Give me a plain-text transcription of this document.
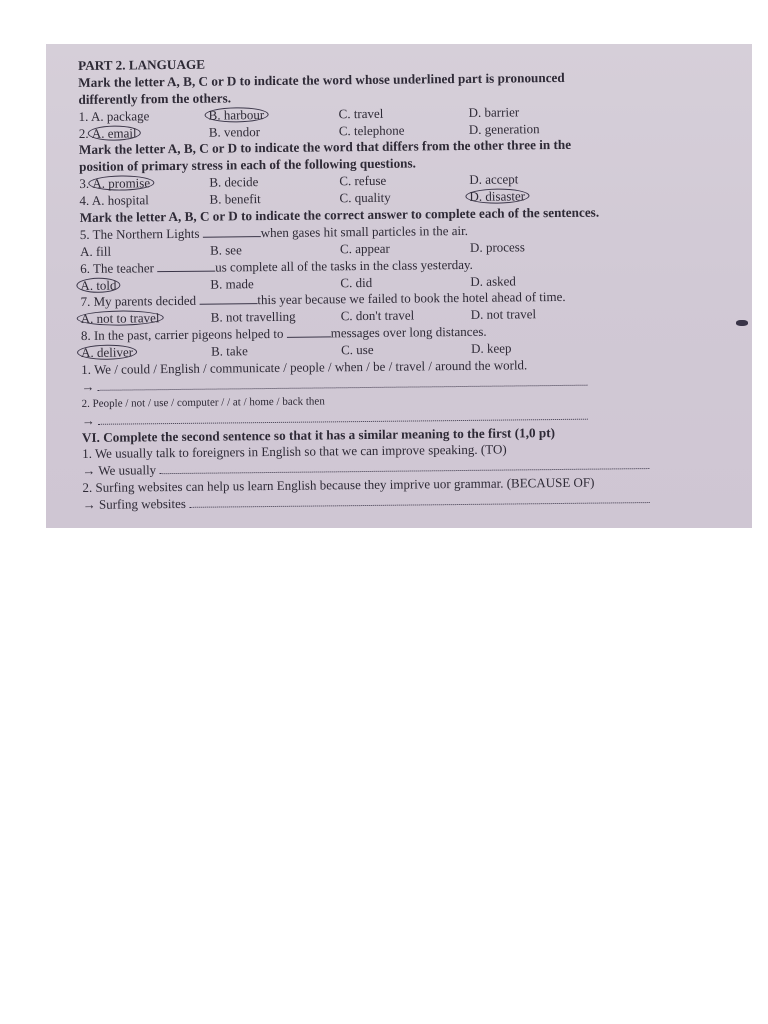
PART 2. LANGUAGE
Mark the letter A, B, C or D to indicate the word whose underlined part is pronounced
differently from the others.
1. A. package	B. harbour	C. travel	D. barrier
2. A. email	B. vendor	C. telephone	D. generation
Mark the letter A, B, C or D to indicate the word that differs from the other three in the
position of primary stress in each of the following questions.
3. A. promise	B. decide	C. refuse	D. accept
4. A. hospital	B. benefit	C. quality	D. disaster
Mark the letter A, B, C or D to indicate the correct answer to complete each of the sentences.
5. The Northern Lights	when gases hit small particles in the air.
A. fill	B. see	C. appear	D. process
6. The teacher	us complete all of the tasks in the class yesterday.
A. told	B. made	C. did	D. asked
7. My parents decided	this year because we failed to book the hotel ahead of time.
A. not to travel	B. not travelling	C. don't travel	D. not travel
8. In the past, carrier pigeons helped to	messages over long distances.
A. deliver	B. take	C. use	D. keep
1. We / could / English / communicate / people / when / be / travel / around the world.
→
2. People / not / use / computer / / at / home / back then
→
VI. Complete the second sentence so that it has a similar meaning to the first (1,0 pt)
1. We usually talk to foreigners in English so that we can improve speaking. (TO)
→ We usually
2. Surfing websites can help us learn English because they imprive uor grammar. (BECAUSE OF)
→ Surfing websites
